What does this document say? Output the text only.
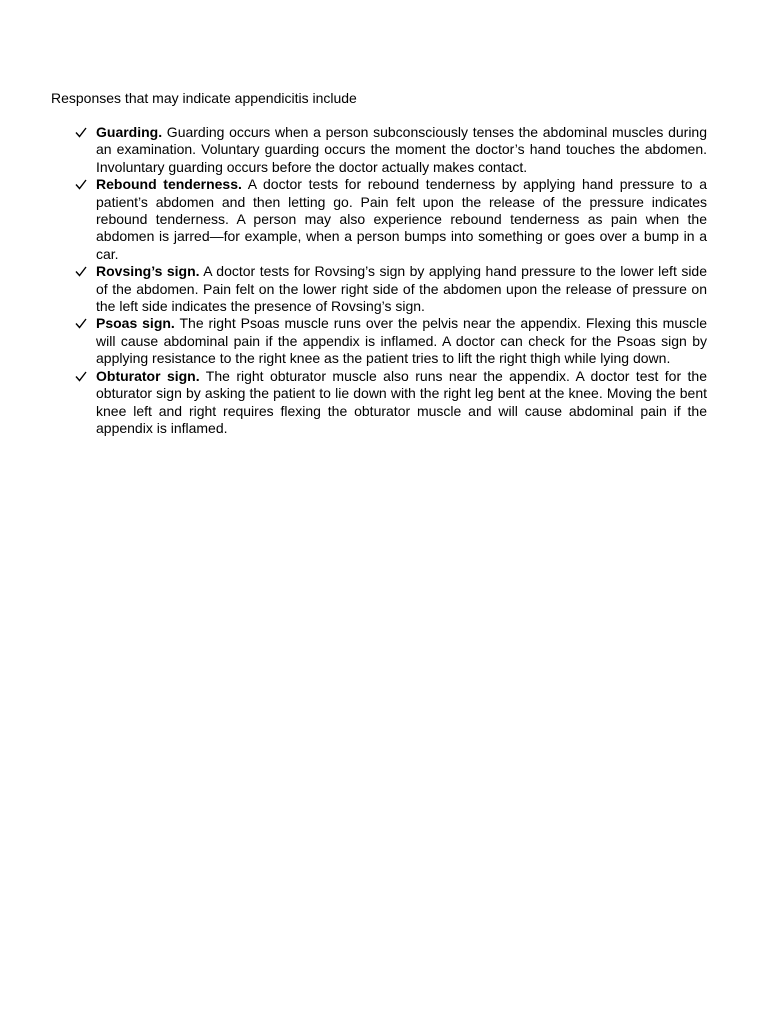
Responses that may indicate appendicitis include
Guarding. Guarding occurs when a person subconsciously tenses the abdominal muscles during an examination. Voluntary guarding occurs the moment the doctor’s hand touches the abdomen. Involuntary guarding occurs before the doctor actually makes contact.
Rebound tenderness. A doctor tests for rebound tenderness by applying hand pressure to a patient’s abdomen and then letting go. Pain felt upon the release of the pressure indicates rebound tenderness. A person may also experience rebound tenderness as pain when the abdomen is jarred—for example, when a person bumps into something or goes over a bump in a car.
Rovsing’s sign. A doctor tests for Rovsing’s sign by applying hand pressure to the lower left side of the abdomen. Pain felt on the lower right side of the abdomen upon the release of pressure on the left side indicates the presence of Rovsing’s sign.
Psoas sign. The right Psoas muscle runs over the pelvis near the appendix. Flexing this muscle will cause abdominal pain if the appendix is inflamed. A doctor can check for the Psoas sign by applying resistance to the right knee as the patient tries to lift the right thigh while lying down.
Obturator sign. The right obturator muscle also runs near the appendix. A doctor test for the obturator sign by asking the patient to lie down with the right leg bent at the knee. Moving the bent knee left and right requires flexing the obturator muscle and will cause abdominal pain if the appendix is inflamed.
